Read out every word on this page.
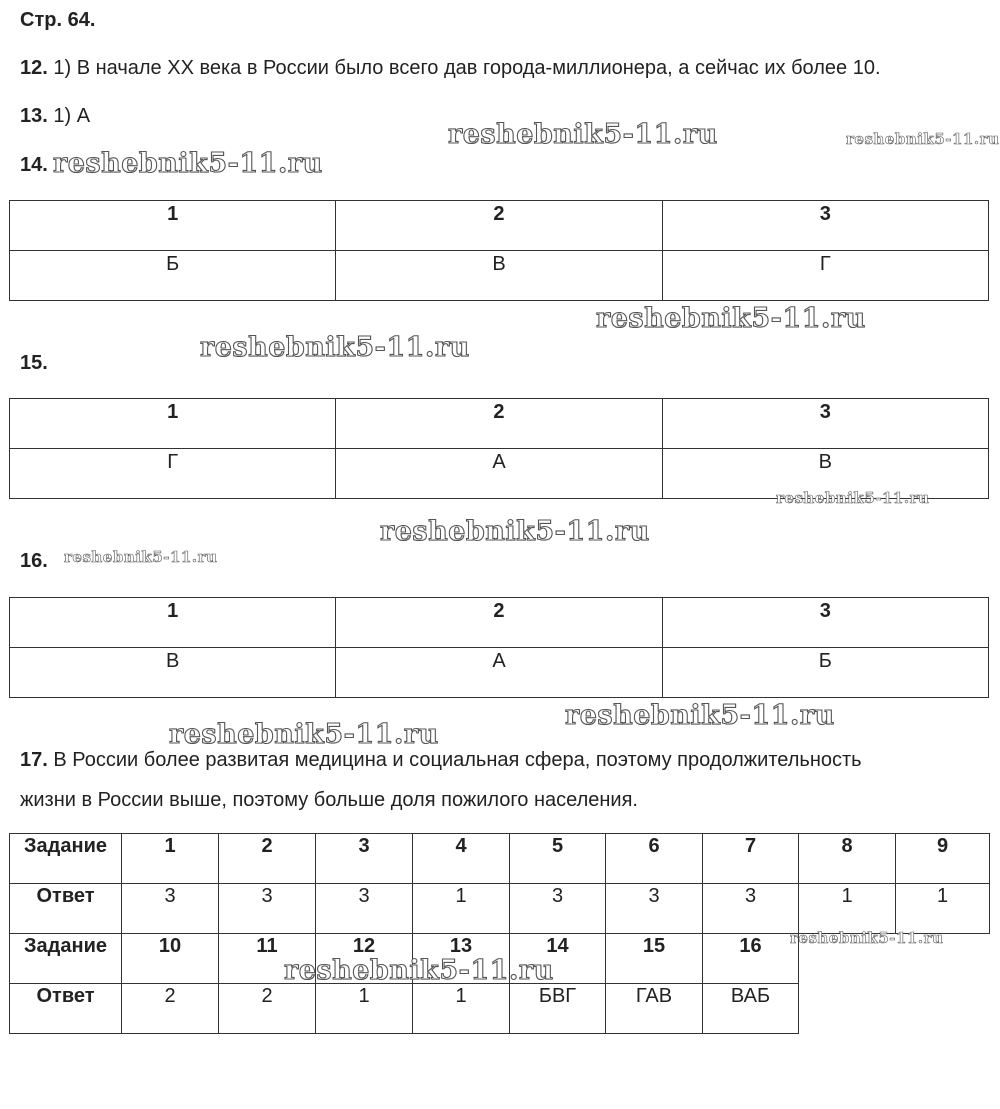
Стр. 64.
12. 1) В начале XX века в России было всего дав города-миллионера, а сейчас их более 10.
13. 1) А
14.
1	2	3
Б	В	Г
15.
1	2	3
Г	А	В
16.
1	2	3
В	А	Б
17. В России более развитая медицина и социальная сфера, поэтому продолжительность
жизни в России выше, поэтому больше доля пожилого населения.
Задание	1	2	3	4	5	6	7	8	9
Ответ	3	3	3	1	3	3	3	1	1
Задание	10	11	12	13	14	15	16		
Ответ	2	2	1	1	БВГ	ГАВ	ВАБ		
reshebnik5-11.ru	reshebnik5-11.ru
reshebnik5-11.ru
reshebnik5-11.ru
reshebnik5-11.ru
reshebnik5-11.ru
reshebnik5-11.ru
reshebnik5-11.ru
reshebnik5-11.ru
reshebnik5-11.ru
reshebnik5-11.ru
reshebnik5-11.ru
